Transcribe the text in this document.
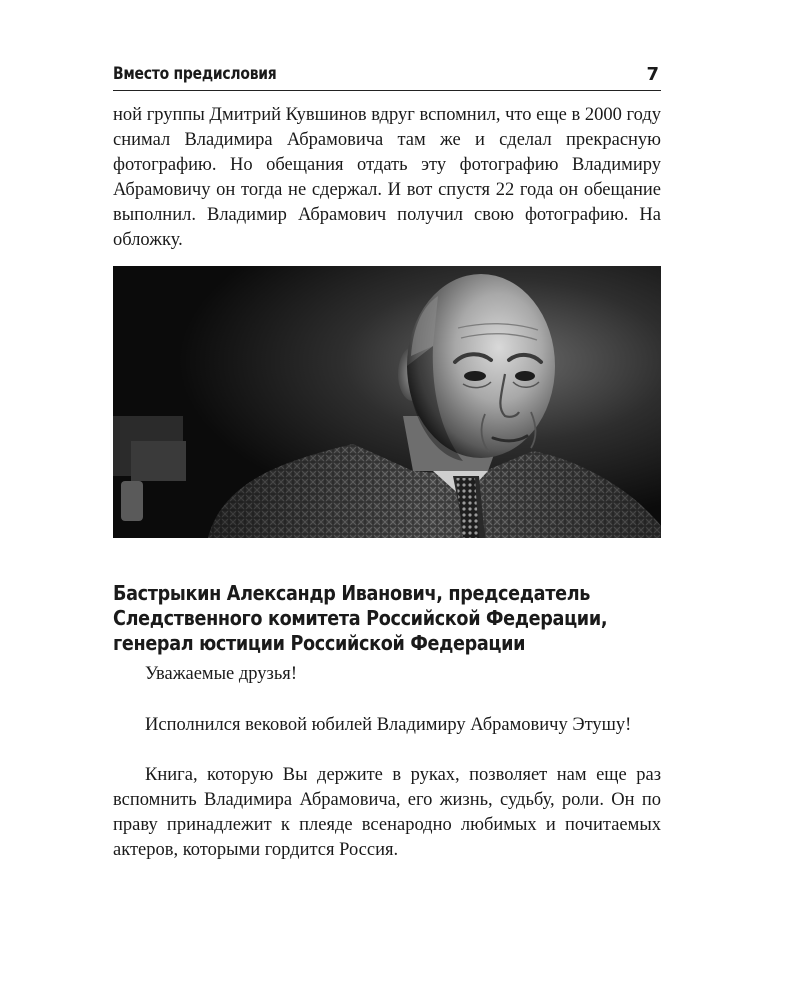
Вместо предисловия	7

ной группы Дмитрий Кувшинов вдруг вспомнил, что еще в 2000 году снимал Владимира Абрамовича там же и сделал прекрасную фотографию. Но обещания отдать эту фотографию Владимиру Абрамовичу он тогда не сдержал. И вот спустя 22 года он обещание выполнил. Владимир Абрамович получил свою фотографию. На обложку.

Бастрыкин Александр Иванович, председатель Следственного комитета Российской Федерации, генерал юстиции Российской Федерации

Уважаемые друзья!

Исполнился вековой юбилей Владимиру Абрамовичу Этушу!

Книга, которую Вы держите в руках, позволяет нам еще раз вспомнить Владимира Абрамовича, его жизнь, судьбу, роли. Он по праву принадлежит к плеяде всенародно любимых и почитаемых актеров, которыми гордится Россия.
